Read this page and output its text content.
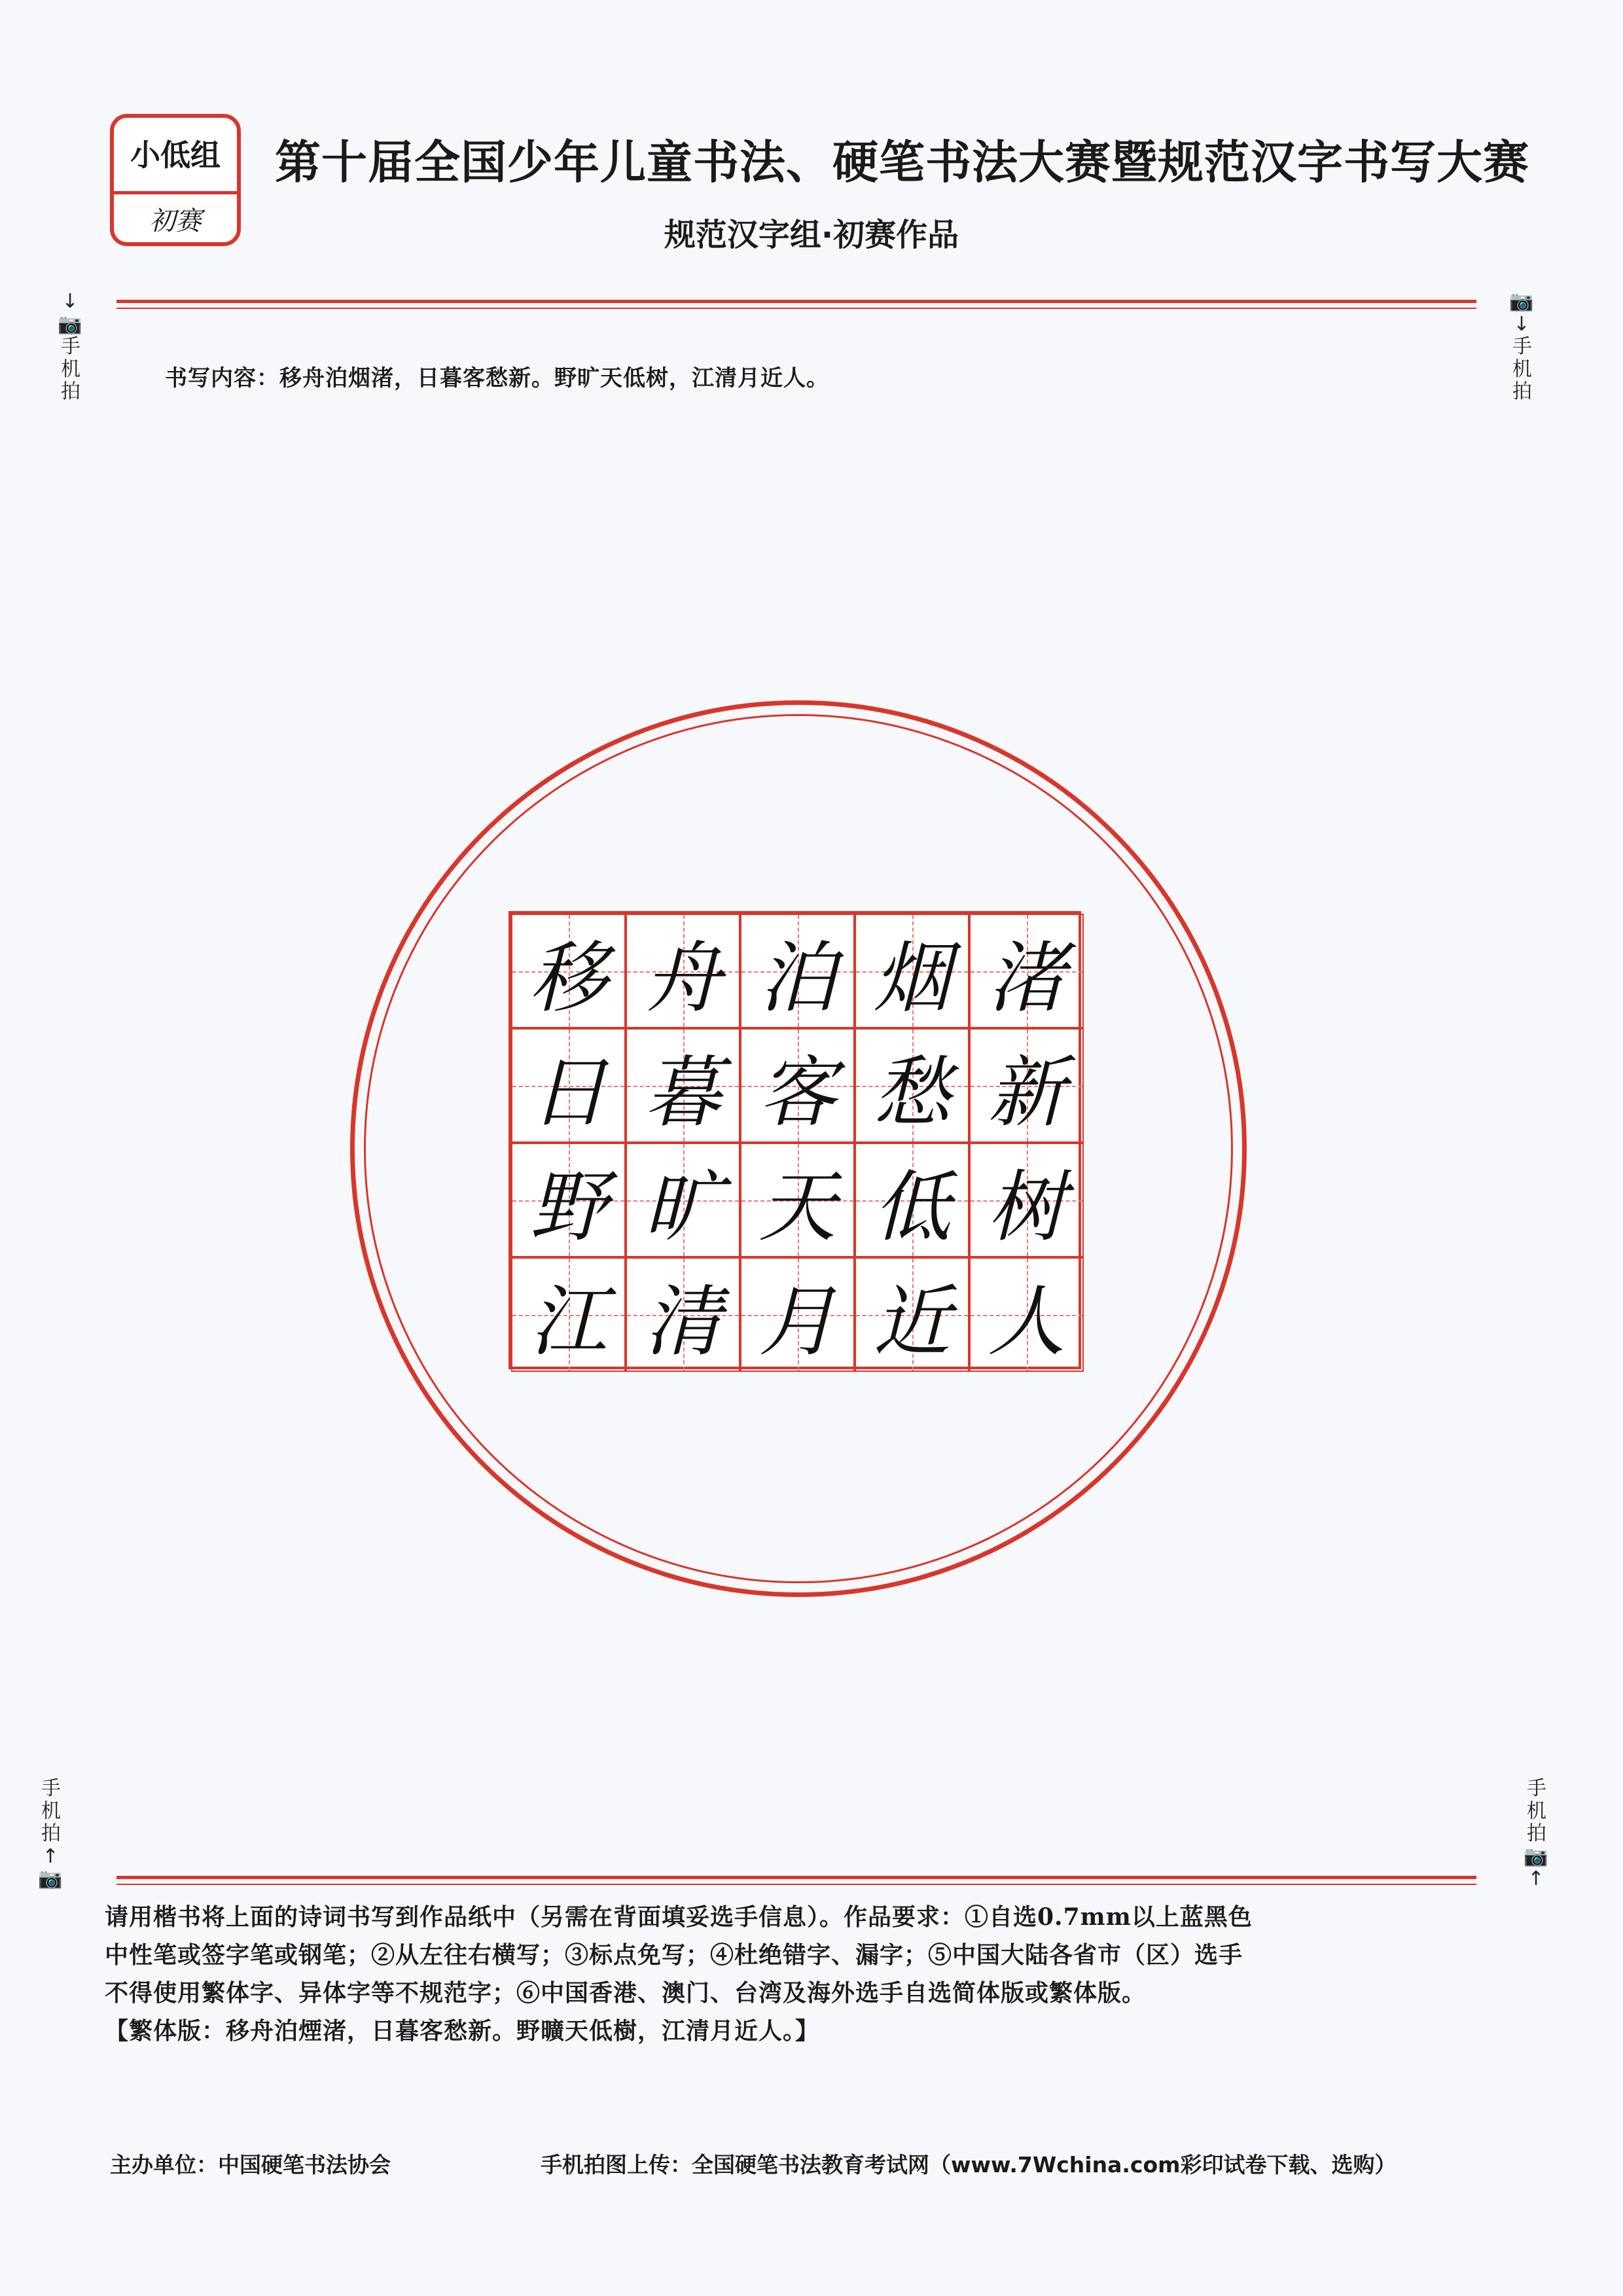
小低组
初赛
第十届全国少年儿童书法、硬笔书法大赛暨规范汉字书写大赛
规范汉字组·初赛作品
↓📷
手
机
拍
📷↓
手
机
拍
书写内容：移舟泊烟渚，日暮客愁新。野旷天低树，江清月近人。
移 舟 泊 烟 渚
日 暮 客 愁 新
野 旷 天 低 树
江 清 月 近 人
手
机
拍
↑📷
手
机
拍
📷↑
请用楷书将上面的诗词书写到作品纸中（另需在背面填妥选手信息）。作品要求：①自选0.7mm以上蓝黑色
中性笔或签字笔或钢笔；②从左往右横写；③标点免写；④杜绝错字、漏字；⑤中国大陆各省市（区）选手
不得使用繁体字、异体字等不规范字；⑥中国香港、澳门、台湾及海外选手自选简体版或繁体版。
【繁体版：移舟泊煙渚，日暮客愁新。野曠天低樹，江清月近人。】
主办单位：中国硬笔书法协会	手机拍图上传：全国硬笔书法教育考试网（www.7Wchina.com彩印试卷下载、选购）
